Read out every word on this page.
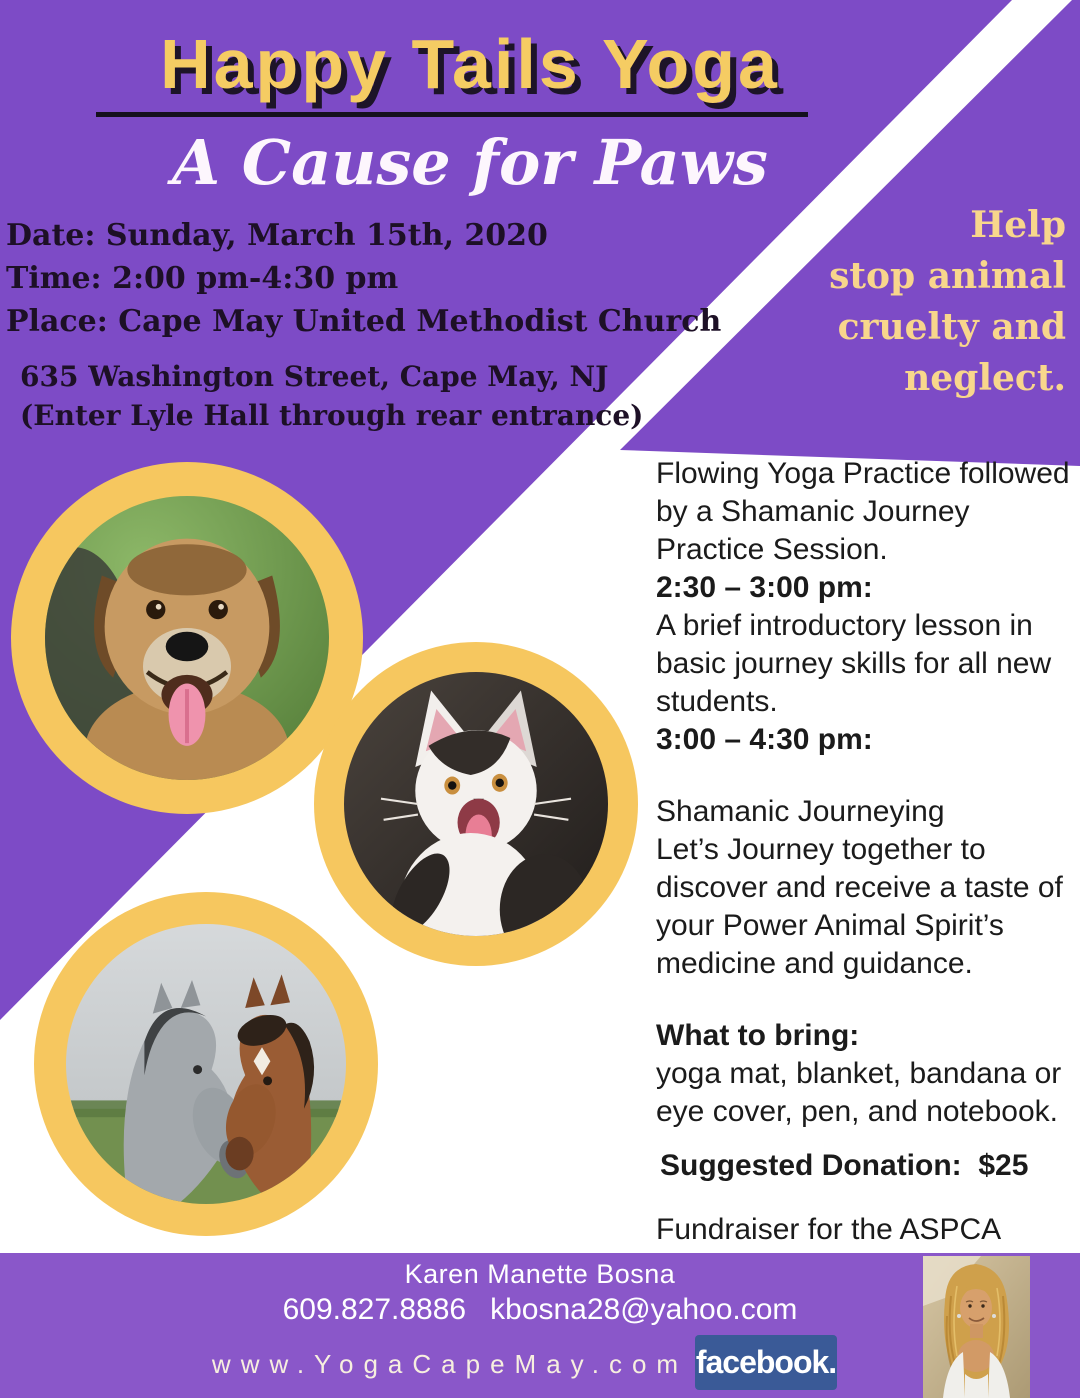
Happy Tails Yoga
A Cause for Paws
Date: Sunday, March 15th, 2020
Time: 2:00 pm-4:30 pm
Place: Cape May United Methodist Church
635 Washington Street, Cape May, NJ
(Enter Lyle Hall through rear entrance)
Help
stop animal
cruelty and
neglect.
Flowing Yoga Practice followed
by a Shamanic Journey
Practice Session.
2:30 – 3:00 pm:
A brief introductory lesson in
basic journey skills for all new
students.
3:00 – 4:30 pm:
Shamanic Journeying
Let’s Journey together to
discover and receive a taste of
your Power Animal Spirit’s
medicine and guidance.
What to bring:
yoga mat, blanket, bandana or
eye cover, pen, and notebook.
Suggested Donation:  $25
Fundraiser for the ASPCA
Karen Manette Bosna
609.827.8886 kbosna28@yahoo.com
www.YogaCapeMay.com facebook.
